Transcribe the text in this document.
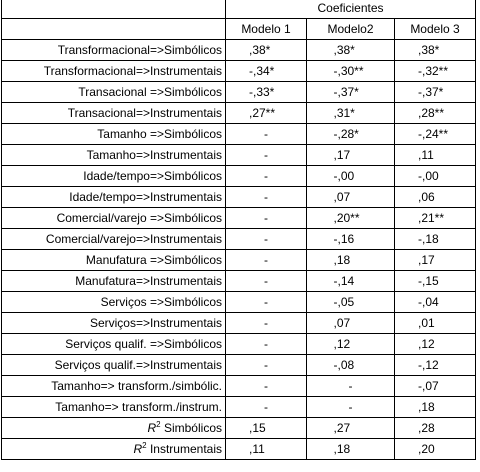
	Coeficientes		
	Modelo 1	Modelo2	Modelo 3
Transformacional=>Simbólicos	,38*	,38*	,38*
Transformacional=>Instrumentais	-,34*	-,30**	-,32**
Transacional =>Simbólicos	-,33*	-,37*	-,37*
Transacional=>Instrumentais	,27**	,31*	,28**
Tamanho =>Simbólicos	-	-,28*	-,24**
Tamanho=>Instrumentais	-	,17	,11
Idade/tempo=>Simbólicos	-	-,00	-,00
Idade/tempo=>Instrumentais	-	,07	,06
Comercial/varejo =>Simbólicos	-	,20**	,21**
Comercial/varejo=>Instrumentais	-	-,16	-,18
Manufatura =>Simbólicos	-	,18	,17
Manufatura=>Instrumentais	-	-,14	-,15
Serviços =>Simbólicos	-	-,05	-,04
Serviços=>Instrumentais	-	,07	,01
Serviços qualif. =>Simbólicos	-	,12	,12
Serviços qualif.=>Instrumentais	-	-,08	-,12
Tamanho=> transform./simbólic.	-	-	-,07
Tamanho=> transform./instrum.	-	-	,18
$R^2$ Simbólicos	,15	,27	,28
$R^2$ Instrumentais	,11	,18	,20
